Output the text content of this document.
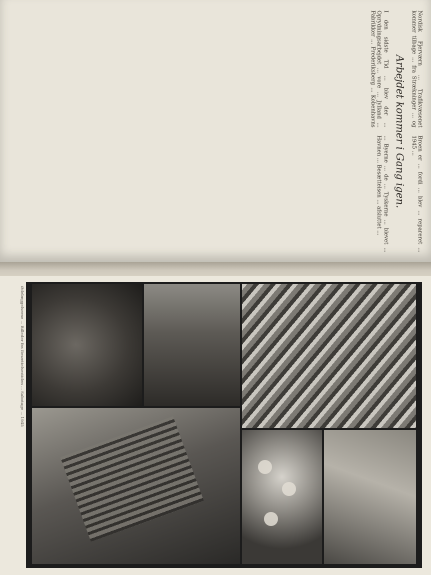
Nordisk Fjerværn ... Trafikvæsenet kommer tilbage ... fra Strækninger ... og Broen er ... fordi ... blev ... repareret ... 1945 ...

Arbejdet kommer i Gang igen.

I den sidste Tid ... blev der ... Oprydningsarbejdet ... vore ... Jylland ... Fabrikker ... Frederiksberg ... Kobenhavns ... Byerne ... de ... Tyskerne ... blevet ... Havnen ... Besættelsen ... afsluttet ...

Ødelæggelserne ... Billeder fra Besættelsestiden ... Sabotage ... 1945
